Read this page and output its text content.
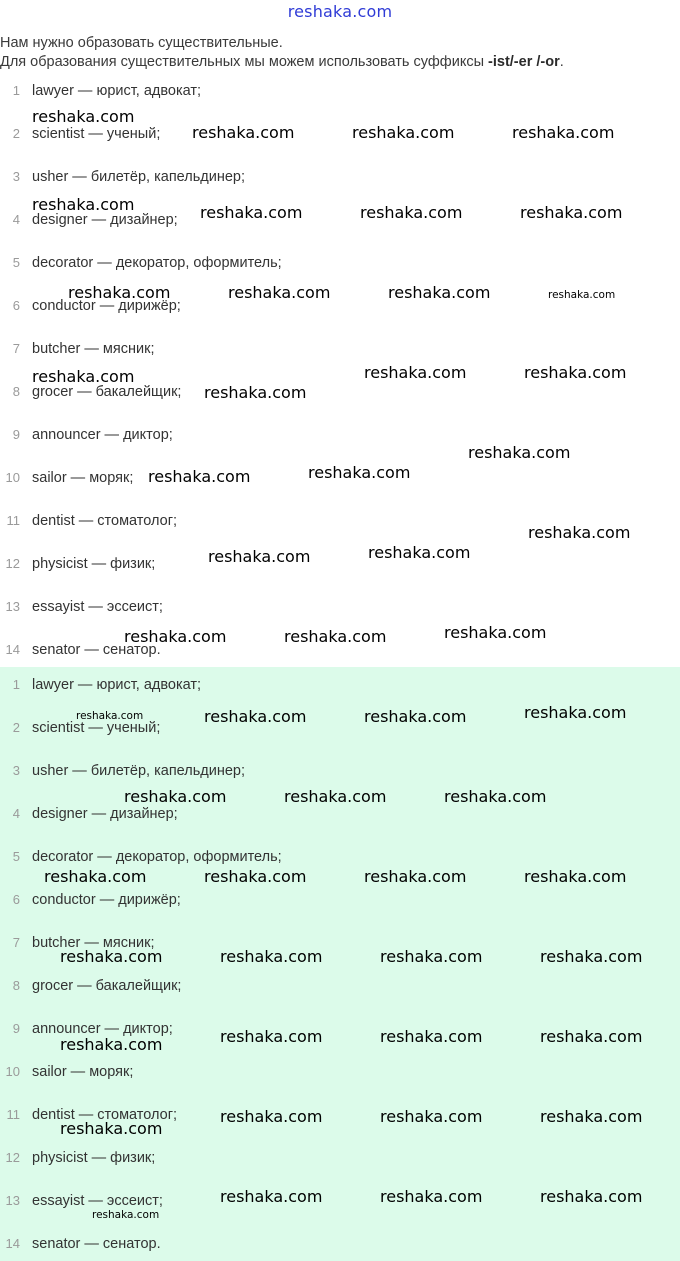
reshaka.com
Нам нужно образовать существительные.
Для образования существительных мы можем использовать суффиксы -ist/-er /-or.
1 lawyer — юрист, адвокат;
2 scientist — ученый;
3 usher — билетёр, капельдинер;
4 designer — дизайнер;
5 decorator — декоратор, оформитель;
6 conductor — дирижёр;
7 butcher — мясник;
8 grocer — бакалейщик;
9 announcer — диктор;
10 sailor — моряк;
11 dentist — стоматолог;
12 physicist — физик;
13 essayist — эссеист;
14 senator — сенатор.
1 lawyer — юрист, адвокат;
2 scientist — ученый;
3 usher — билетёр, капельдинер;
4 designer — дизайнер;
5 decorator — декоратор, оформитель;
6 conductor — дирижёр;
7 butcher — мясник;
8 grocer — бакалейщик;
9 announcer — диктор;
10 sailor — моряк;
11 dentist — стоматолог;
12 physicist — физик;
13 essayist — эссеист;
14 senator — сенатор.
reshaka.com
reshaka.com	reshaka.com	reshaka.com
reshaka.com	reshaka.com	reshaka.com	reshaka.com
reshaka.com	reshaka.com	reshaka.com	reshaka.com
reshaka.com	reshaka.com	reshaka.com
reshaka.com
reshaka.com
reshaka.com
reshaka.com
reshaka.com
reshaka.com
reshaka.com
reshaka.com
reshaka.com	reshaka.com
reshaka.com	reshaka.com
reshaka.com	reshaka.com
reshaka.com	reshaka.com	reshaka.com
reshaka.com	reshaka.com	reshaka.com	reshaka.com
reshaka.com	reshaka.com	reshaka.com	reshaka.com
reshaka.com	reshaka.com	reshaka.com
reshaka.com
reshaka.com	reshaka.com	reshaka.com
reshaka.com
reshaka.com	reshaka.com	reshaka.com
reshaka.com
